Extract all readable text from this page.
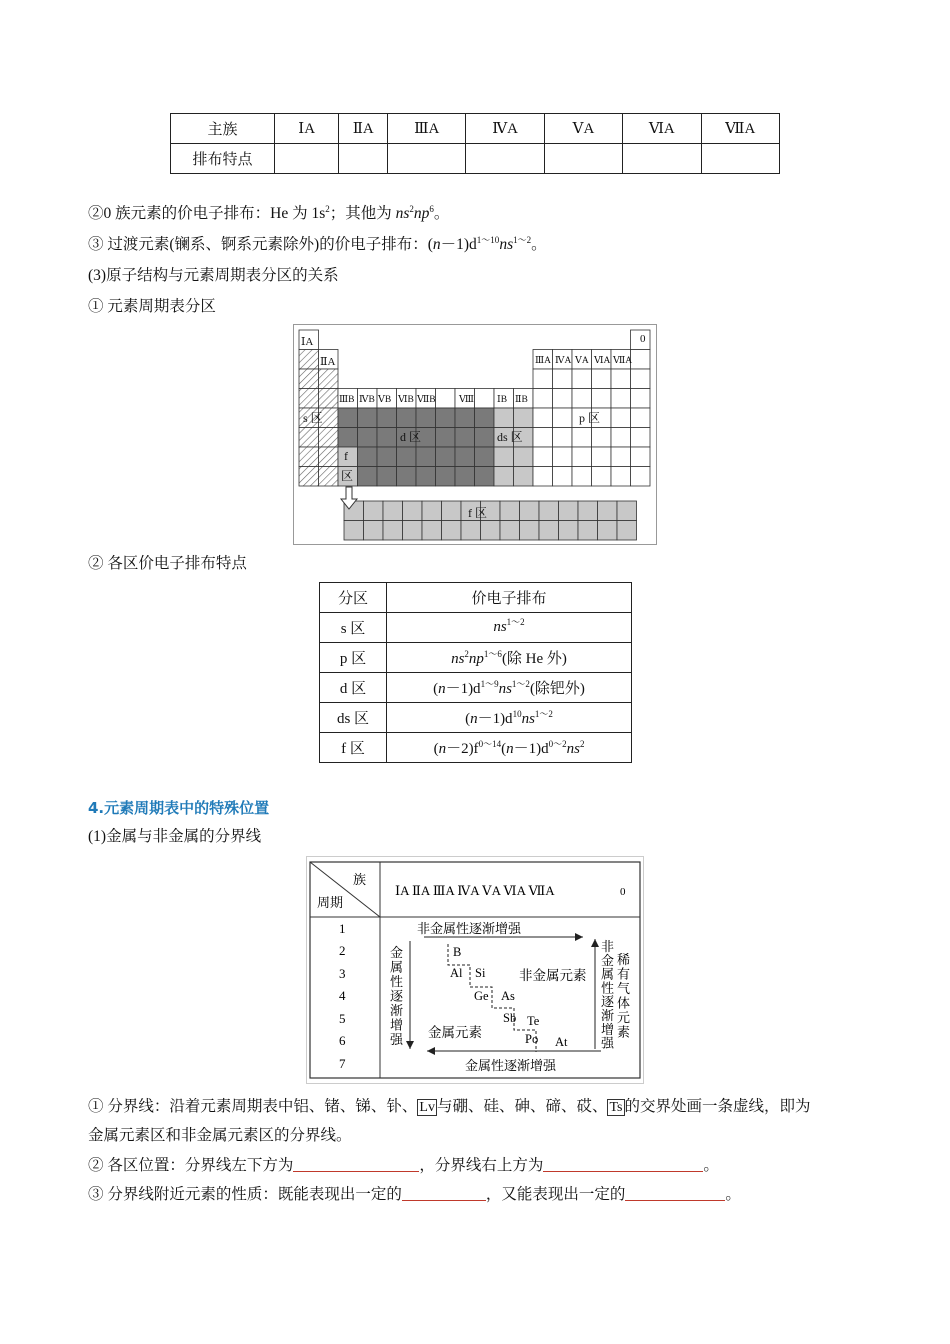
主族	ⅠA	ⅡA	ⅢA	ⅣA	ⅤA	ⅥA	ⅦA
排布特点							
②0 族元素的价电子排布：He 为 $1s^2$；其他为 $ns^2np^6$。
③ 过渡元素(镧系、锕系元素除外)的价电子排布：$(n-1)d^{1\sim 10}ns^{1\sim 2}$。
(3)原子结构与元素周期表分区的关系
① 元素周期表分区
ⅠA
ⅡA
0
ⅢA ⅣA ⅤA ⅥA ⅦA
ⅢB ⅣB ⅤB ⅥB ⅦB Ⅷ ⅠB ⅡB
s 区
d 区	ds 区
p 区
f
区
f 区
② 各区价电子排布特点
分区	价电子排布
s 区	$ns^{1\sim 2}$
p 区	$ns^2np^{1\sim 6}$(除 He 外)
d 区	$(n-1)d^{1\sim 9}ns^{1\sim 2}$(除钯外)
ds 区	$(n-1)d^{10}ns^{1\sim 2}$
f 区	$(n-2)f^{0\sim 14}(n-1)d^{0\sim 2}ns^2$
4.元素周期表中的特殊位置
(1)金属与非金属的分界线
族
周期
ⅠA ⅡA ⅢA ⅣA ⅤA ⅥA ⅦA	0
1
2
3
4
5
6
7
非金属性逐渐增强
金属性逐渐增强
金属性逐渐增强
非金属性逐渐增强
稀有气体元素
B
Al Si
Ge As
Sb Te
Po At
非金属元素
金属元素
① 分界线：沿着元素周期表中铝、锗、锑、钋、 Lv 与硼、硅、砷、碲、砹、 Ts 的交界处画一条虚线，即为
金属元素区和非金属元素区的分界线。
② 各区位置：分界线左下方为	，分界线右上方为	。
③ 分界线附近元素的性质：既能表现出一定的	，又能表现出一定的	。
